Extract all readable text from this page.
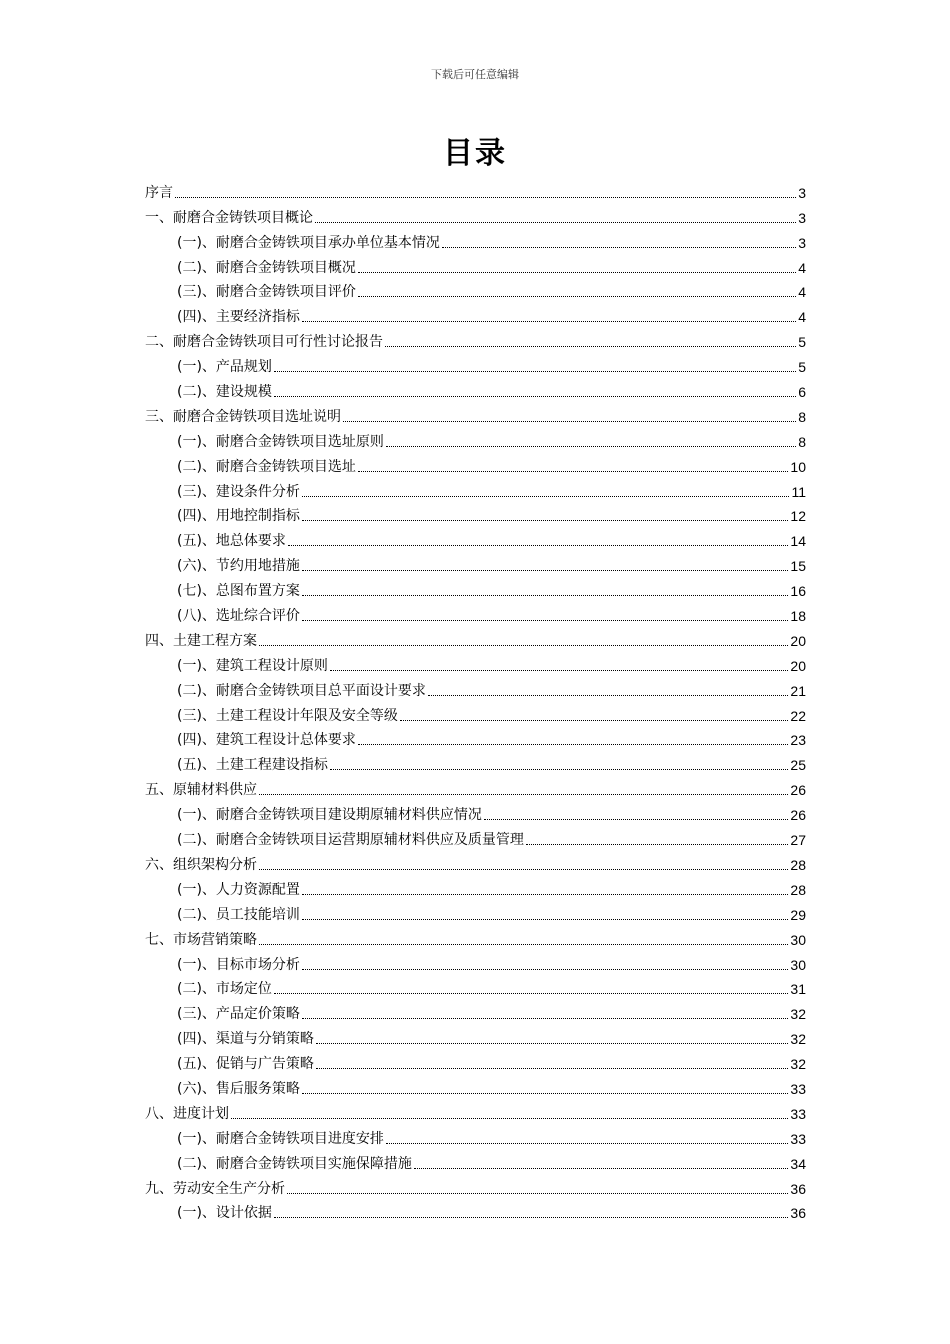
下载后可任意编辑
目录
序言	3
一、耐磨合金铸铁项目概论	3
(一)、耐磨合金铸铁项目承办单位基本情况	3
(二)、耐磨合金铸铁项目概况	4
(三)、耐磨合金铸铁项目评价	4
(四)、主要经济指标	4
二、耐磨合金铸铁项目可行性讨论报告	5
(一)、产品规划	5
(二)、建设规模	6
三、耐磨合金铸铁项目选址说明	8
(一)、耐磨合金铸铁项目选址原则	8
(二)、耐磨合金铸铁项目选址	10
(三)、建设条件分析	11
(四)、用地控制指标	12
(五)、地总体要求	14
(六)、节约用地措施	15
(七)、总图布置方案	16
(八)、选址综合评价	18
四、土建工程方案	20
(一)、建筑工程设计原则	20
(二)、耐磨合金铸铁项目总平面设计要求	21
(三)、土建工程设计年限及安全等级	22
(四)、建筑工程设计总体要求	23
(五)、土建工程建设指标	25
五、原辅材料供应	26
(一)、耐磨合金铸铁项目建设期原辅材料供应情况	26
(二)、耐磨合金铸铁项目运营期原辅材料供应及质量管理	27
六、组织架构分析	28
(一)、人力资源配置	28
(二)、员工技能培训	29
七、市场营销策略	30
(一)、目标市场分析	30
(二)、市场定位	31
(三)、产品定价策略	32
(四)、渠道与分销策略	32
(五)、促销与广告策略	32
(六)、售后服务策略	33
八、进度计划	33
(一)、耐磨合金铸铁项目进度安排	33
(二)、耐磨合金铸铁项目实施保障措施	34
九、劳动安全生产分析	36
(一)、设计依据	36
